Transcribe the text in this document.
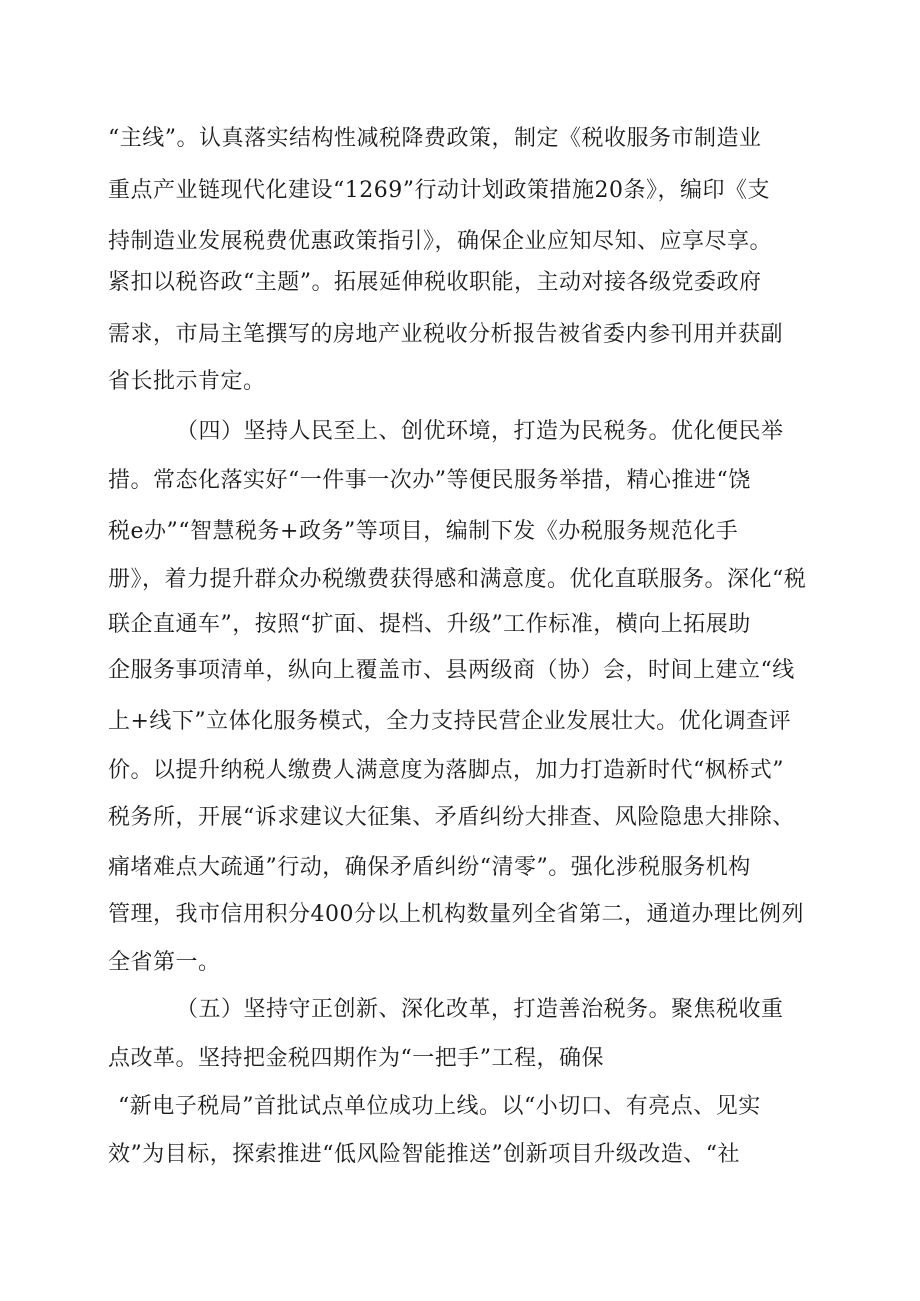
“主线”。认真落实结构性减税降费政策，制定《税收服务市制造业

重点产业链现代化建设“1269”行动计划政策措施20条》，编印《支

持制造业发展税费优惠政策指引》，确保企业应知尽知、应享尽享。

紧扣以税咨政“主题”。拓展延伸税收职能，主动对接各级党委政府

需求，市局主笔撰写的房地产业税收分析报告被省委内参刊用并获副

省长批示肯定。

（四）坚持人民至上、创优环境，打造为民税务。优化便民举

措。常态化落实好“一件事一次办”等便民服务举措，精心推进“饶

税e办”“智慧税务+政务”等项目，编制下发《办税服务规范化手

册》，着力提升群众办税缴费获得感和满意度。优化直联服务。深化“税

联企直通车”，按照“扩面、提档、升级”工作标准，横向上拓展助

企服务事项清单，纵向上覆盖市、县两级商（协）会，时间上建立“线

上+线下”立体化服务模式，全力支持民营企业发展壮大。优化调查评

价。以提升纳税人缴费人满意度为落脚点，加力打造新时代“枫桥式”

税务所，开展“诉求建议大征集、矛盾纠纷大排查、风险隐患大排除、

痛堵难点大疏通”行动，确保矛盾纠纷“清零”。强化涉税服务机构

管理，我市信用积分400分以上机构数量列全省第二，通道办理比例列

全省第一。

（五）坚持守正创新、深化改革，打造善治税务。聚焦税收重

点改革。坚持把金税四期作为“一把手”工程，确保

“新电子税局”首批试点单位成功上线。以“小切口、有亮点、见实

效”为目标，探索推进“低风险智能推送”创新项目升级改造、“社
